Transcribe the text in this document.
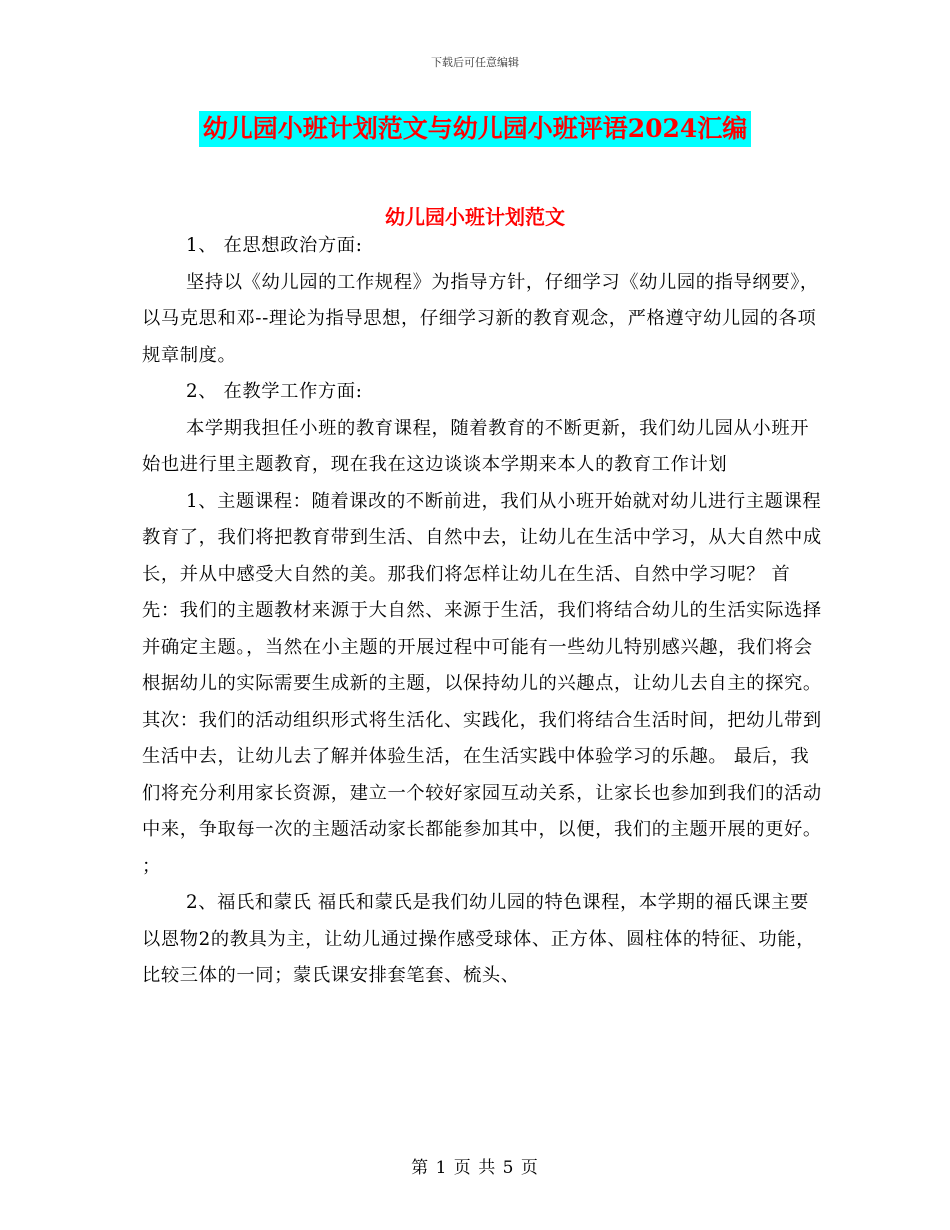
下载后可任意编辑
幼儿园小班计划范文与幼儿园小班评语2024汇编
幼儿园小班计划范文

1、 在思想政治方面:

坚持以《幼儿园的工作规程》为指导方针，仔细学习《幼儿园的指导纲要》，以马克思和邓--理论为指导思想，仔细学习新的教育观念，严格遵守幼儿园的各项规章制度。

2、 在教学工作方面:

本学期我担任小班的教育课程，随着教育的不断更新，我们幼儿园从小班开始也进行里主题教育，现在我在这边谈谈本学期来本人的教育工作计划

1、主题课程：随着课改的不断前进，我们从小班开始就对幼儿进行主题课程教育了，我们将把教育带到生活、自然中去，让幼儿在生活中学习，从大自然中成长，并从中感受大自然的美。那我们将怎样让幼儿在生活、自然中学习呢？ 首先：我们的主题教材来源于大自然、来源于生活，我们将结合幼儿的生活实际选择并确定主题。，当然在小主题的开展过程中可能有一些幼儿特别感兴趣，我们将会根据幼儿的实际需要生成新的主题，以保持幼儿的兴趣点，让幼儿去自主的探究。 其次：我们的活动组织形式将生活化、实践化，我们将结合生活时间，把幼儿带到生活中去，让幼儿去了解并体验生活，在生活实践中体验学习的乐趣。 最后，我们将充分利用家长资源，建立一个较好家园互动关系，让家长也参加到我们的活动中来，争取每一次的主题活动家长都能参加其中，以便，我们的主题开展的更好。 ；

2、福氏和蒙氏 福氏和蒙氏是我们幼儿园的特色课程，本学期的福氏课主要以恩物2的教具为主，让幼儿通过操作感受球体、正方体、圆柱体的特征、功能，比较三体的一同；蒙氏课安排套笔套、梳头、

第 1 页 共 5 页
